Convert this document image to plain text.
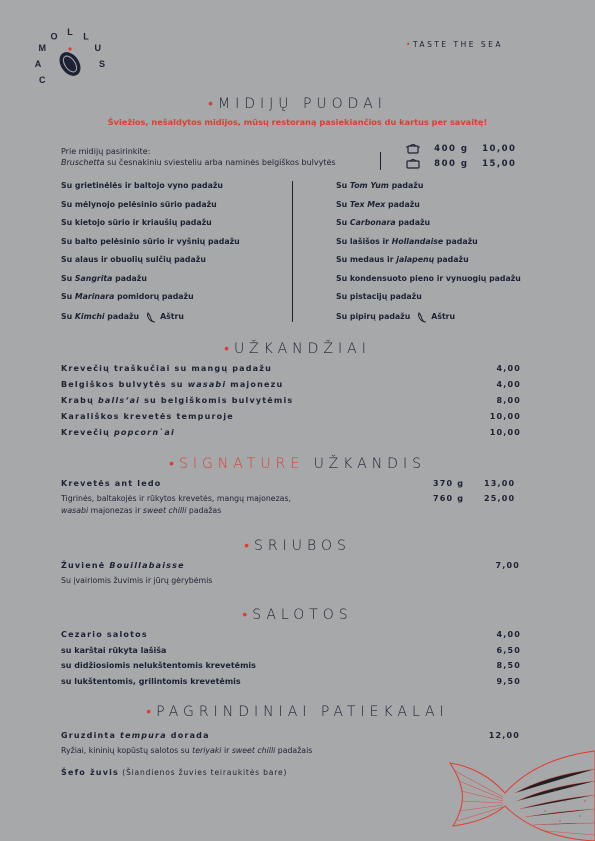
C
A
M
O L L
U
S
•TASTE THE SEA
•MIDIJŲ PUODAI
Šviežios, nešaldytos midijos, mūsų restoraną pasiekiančios du kartus per savaitę!
Prie midijų pasirinkite:
Bruschetta su česnakiniu sviesteliu arba naminės belgiškos bulvytės
400 g 10,00
800 g 15,00
Su grietinėlės ir baltojo vyno padažu
Su mėlynojo pelėsinio sūrio padažu
Su kietojo sūrio ir kriaušių padažu
Su balto pelėsinio sūrio ir vyšnių padažu
Su alaus ir obuolių sulčių padažu
Su Sangrita padažu
Su Marinara pomidorų padažu
Su Kimchi padažu	Aštru
Su Tom Yum padažu
Su Tex Mex padažu
Su Carbonara padažu
Su lašišos ir Hollandaise padažu
Su medaus ir jalapenų padažu
Su kondensuoto pieno ir vynuogių padažu
Su pistacijų padažu
Su pipirų padažu	Aštru
•UŽKANDŽIAI
Krevečių traškučiai su mangų padažu	4,00
Belgiškos bulvytės su wasabi majonezu	4,00
Krabų balls‘ai su belgiškomis bulvytėmis	8,00
Karališkos krevetės tempuroje	10,00
Krevečių popcorn`ai	10,00
•SIGNATURE UŽKANDIS
Krevetės ant ledo
Tigrinės, baltakojės ir rūkytos krevetės, mangų majonezas,
wasabi majonezas ir sweet chilli padažas
370 g 13,00
760 g 25,00
•SRIUBOS
Žuvienė Bouillabaisse	7,00
Su įvairiomis žuvimis ir jūrų gėrybėmis
•SALOTOS
Cezario salotos	4,00
su karštai rūkyta lašiša	6,50
su didžiosiomis nelukštentomis krevetėmis	8,50
su lukštentomis, grilintomis krevetėmis	9,50
•PAGRINDINIAI PATIEKALAI
Gruzdinta tempura dorada	12,00
Ryžiai, kininių kopūstų salotos su teriyaki ir sweet chilli padažais
Šefo žuvis (Šiandienos žuvies teiraukitės bare)
